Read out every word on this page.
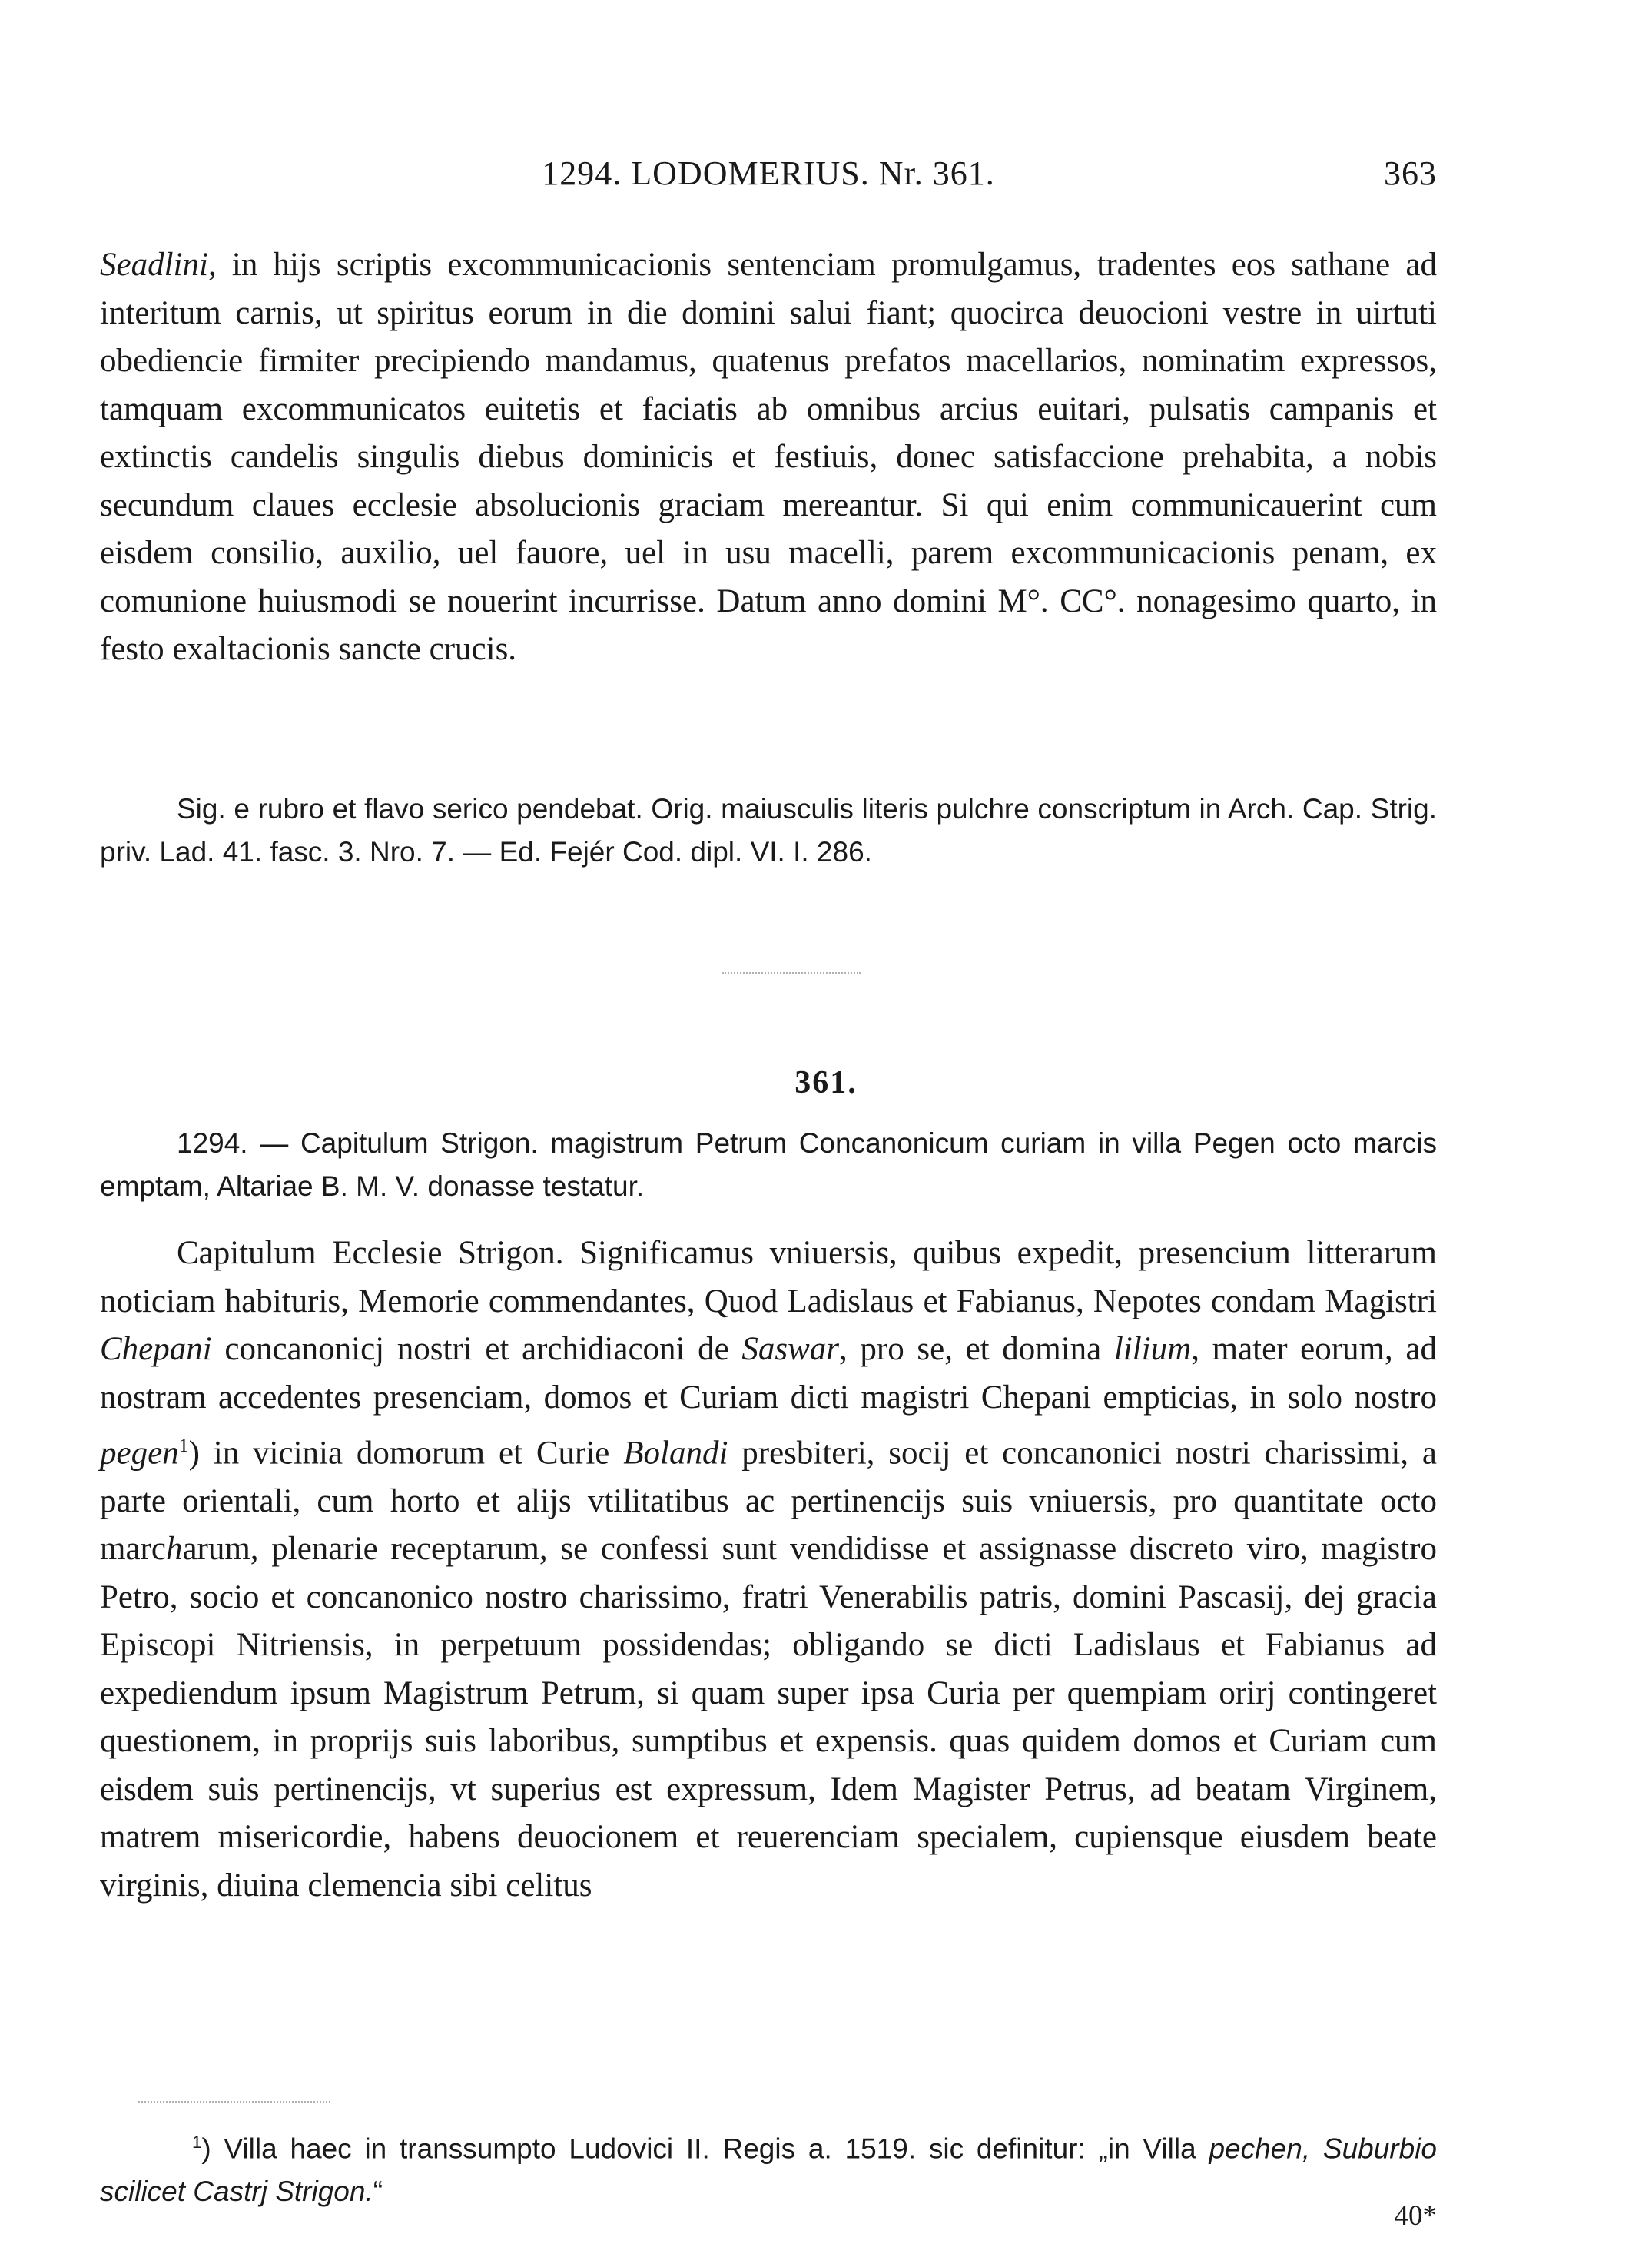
1294. LODOMERIUS. Nr. 361.	363
Seadlini, in hijs scriptis excommunicacionis sentenciam promulgamus, tradentes eos sathane ad interitum carnis, ut spiritus eorum in die domini salui fiant; quocirca deuocioni vestre in uirtuti obediencie firmiter precipiendo mandamus, quatenus prefatos macellarios, nominatim expressos, tamquam excommunicatos euitetis et faciatis ab omnibus arcius euitari, pulsatis campanis et extinctis candelis singulis diebus dominicis et festiuis, donec satisfaccione prehabita, a nobis secundum claues ecclesie absolucionis graciam mereantur. Si qui enim communicauerint cum eisdem consilio, auxilio, uel fauore, uel in usu macelli, parem excommunicacionis penam, ex comunione huiusmodi se nouerint incurrisse. Datum anno domini M°. CC°. nonagesimo quarto, in festo exaltacionis sancte crucis.
Sig. e rubro et flavo serico pendebat. Orig. maiusculis literis pulchre conscriptum in Arch. Cap. Strig. priv. Lad. 41. fasc. 3. Nro. 7. — Ed. Fejér Cod. dipl. VI. I. 286.
361.
1294. — Capitulum Strigon. magistrum Petrum Concanonicum curiam in villa Pegen octo marcis emptam, Altariae B. M. V. donasse testatur.
Capitulum Ecclesie Strigon. Significamus vniuersis, quibus expedit, presencium litterarum noticiam habituris, Memorie commendantes, Quod Ladislaus et Fabianus, Nepotes condam Magistri Chepani concanonicj nostri et archidiaconi de Saswar, pro se, et domina lilium, mater eorum, ad nostram accedentes presenciam, domos et Curiam dicti magistri Chepani empticias, in solo nostro pegen$^1$) in vicinia domorum et Curie Bolandi presbiteri, socij et concanonici nostri charissimi, a parte orientali, cum horto et alijs vtilitatibus ac pertinencijs suis vniuersis, pro quantitate octo marcharum, plenarie receptarum, se confessi sunt vendidisse et assignasse discreto viro, magistro Petro, socio et concanonico nostro charissimo, fratri Venerabilis patris, domini Pascasij, dej gracia Episcopi Nitriensis, in perpetuum possidendas; obligando se dicti Ladislaus et Fabianus ad expediendum ipsum Magistrum Petrum, si quam super ipsa Curia per quempiam orirj contingeret questionem, in proprijs suis laboribus, sumptibus et expensis. quas quidem domos et Curiam cum eisdem suis pertinencijs, vt superius est expressum, Idem Magister Petrus, ad beatam Virginem, matrem misericordie, habens deuocionem et reuerenciam specialem, cupiensque eiusdem beate virginis, diuina clemencia sibi celitus
$^1$) Villa haec in transsumpto Ludovici II. Regis a. 1519. sic definitur: „in Villa pechen, Suburbio scilicet Castrj Strigon.“
40*
